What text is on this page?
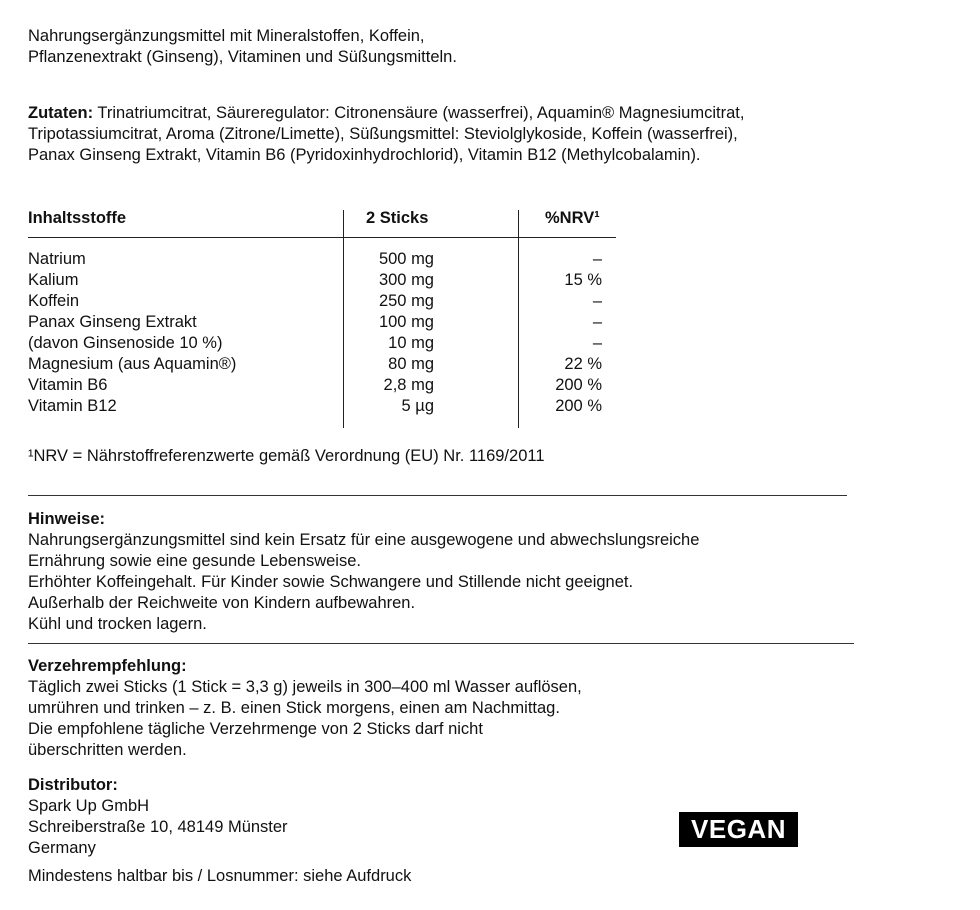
Nahrungsergänzungsmittel mit Mineralstoffen, Koffein,
Pflanzenextrakt (Ginseng), Vitaminen und Süßungsmitteln.
Zutaten: Trinatriumcitrat, Säureregulator: Citronensäure (wasserfrei), Aquamin® Magnesiumcitrat,
Tripotassiumcitrat, Aroma (Zitrone/Limette), Süßungsmittel: Steviolglykoside, Koffein (wasserfrei),
Panax Ginseng Extrakt, Vitamin B6 (Pyridoxinhydrochlorid), Vitamin B12 (Methylcobalamin).
Inhaltsstoffe	2 Sticks	%NRV¹
Natrium	500 mg	–
Kalium	300 mg	15 %
Koffein	250 mg	–
Panax Ginseng Extrakt	100 mg	–
(davon Ginsenoside 10 %)	10 mg	–
Magnesium (aus Aquamin®)	80 mg	22 %
Vitamin B6	2,8 mg	200 %
Vitamin B12	5 µg	200 %
¹NRV = Nährstoffreferenzwerte gemäß Verordnung (EU) Nr. 1169/2011
Hinweise:
Nahrungsergänzungsmittel sind kein Ersatz für eine ausgewogene und abwechslungsreiche
Ernährung sowie eine gesunde Lebensweise.
Erhöhter Koffeingehalt. Für Kinder sowie Schwangere und Stillende nicht geeignet.
Außerhalb der Reichweite von Kindern aufbewahren.
Kühl und trocken lagern.
Verzehrempfehlung:
Täglich zwei Sticks (1 Stick = 3,3 g) jeweils in 300–400 ml Wasser auflösen,
umrühren und trinken – z. B. einen Stick morgens, einen am Nachmittag.
Die empfohlene tägliche Verzehrmenge von 2 Sticks darf nicht
überschritten werden.
Distributor:
Spark Up GmbH
Schreiberstraße 10, 48149 Münster
Germany
Mindestens haltbar bis / Losnummer: siehe Aufdruck
VEGAN
